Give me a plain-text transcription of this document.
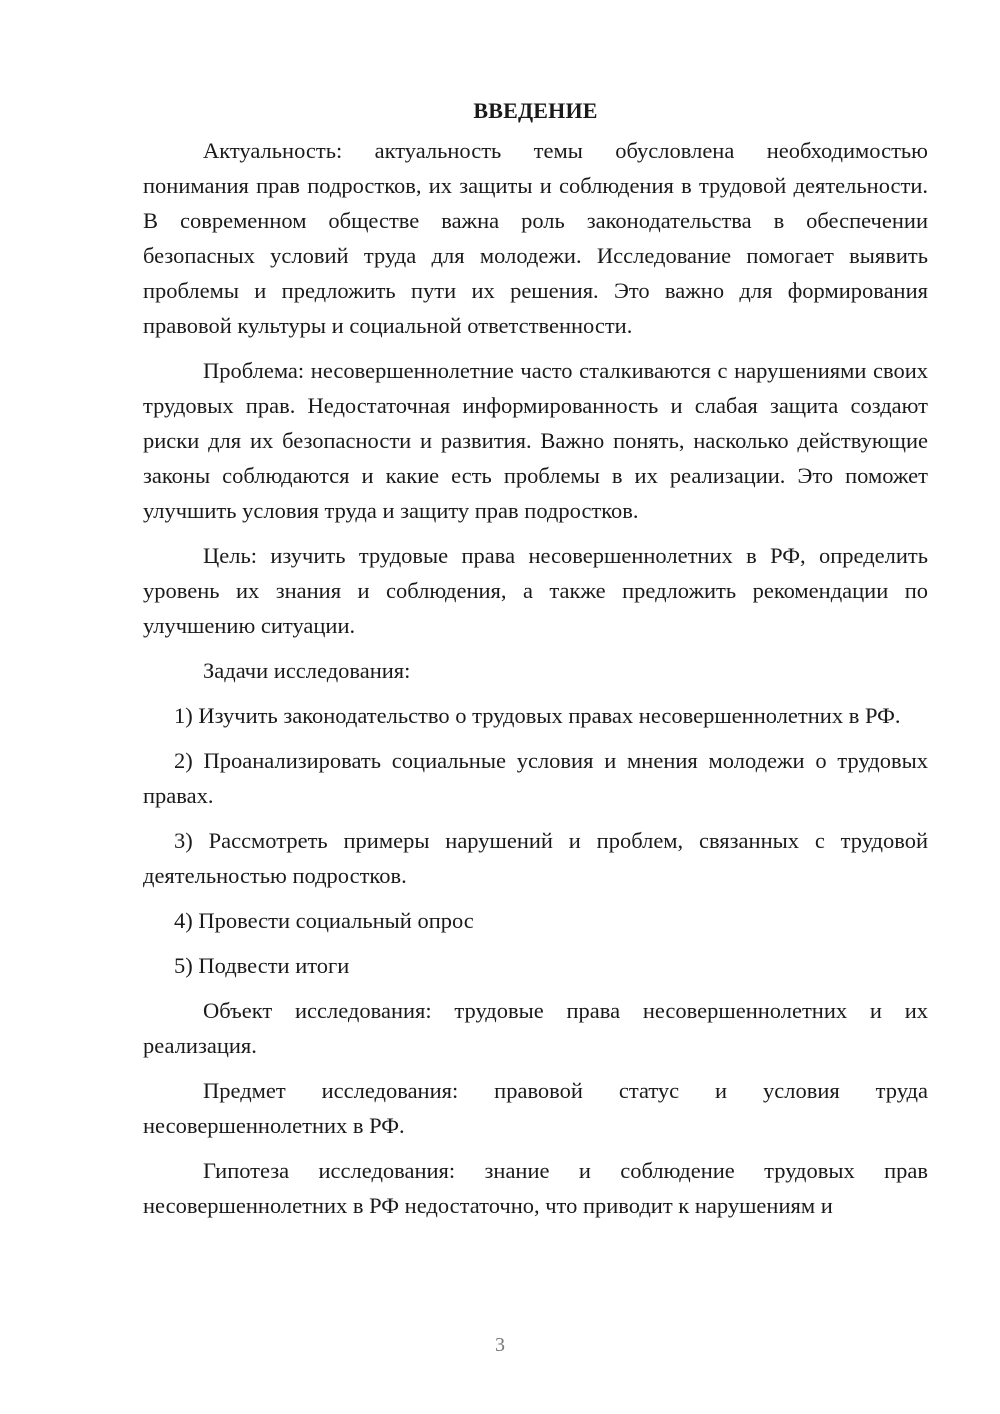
ВВЕДЕНИЕ

Актуальность: актуальность темы обусловлена необходимостью понимания прав подростков, их защиты и соблюдения в трудовой деятельности. В современном обществе важна роль законодательства в обеспечении безопасных условий труда для молодежи. Исследование помогает выявить проблемы и предложить пути их решения. Это важно для формирования правовой культуры и социальной ответственности.

Проблема: несовершеннолетние часто сталкиваются с нарушениями своих трудовых прав. Недостаточная информированность и слабая защита создают риски для их безопасности и развития. Важно понять, насколько действующие законы соблюдаются и какие есть проблемы в их реализации. Это поможет улучшить условия труда и защиту прав подростков.

Цель: изучить трудовые права несовершеннолетних в РФ, определить уровень их знания и соблюдения, а также предложить рекомендации по улучшению ситуации.

Задачи исследования:

1) Изучить законодательство о трудовых правах несовершеннолетних в РФ.

2) Проанализировать социальные условия и мнения молодежи о трудовых правах.

3) Рассмотреть примеры нарушений и проблем, связанных с трудовой деятельностью подростков.

4) Провести социальный опрос

5) Подвести итоги

Объект исследования: трудовые права несовершеннолетних и их реализация.

Предмет исследования: правовой статус и условия труда несовершеннолетних в РФ.

Гипотеза исследования: знание и соблюдение трудовых прав несовершеннолетних в РФ недостаточно, что приводит к нарушениям и

3
